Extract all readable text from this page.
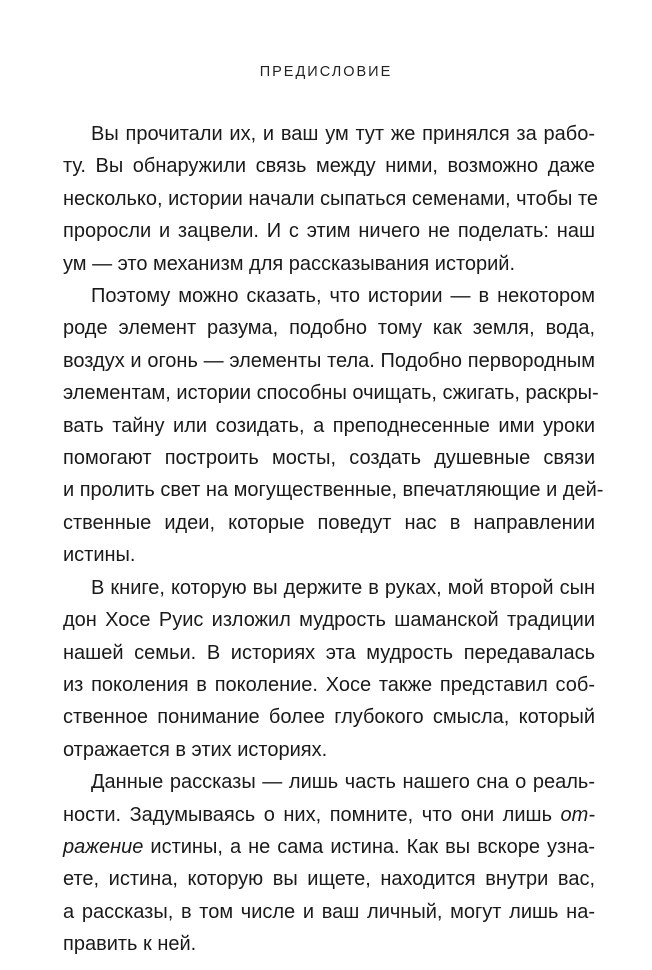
ПРЕДИСЛОВИЕ

Вы прочитали их, и ваш ум тут же принялся за рабо-
ту. Вы обнаружили связь между ними, возможно даже
несколько, истории начали сыпаться семенами, чтобы те
проросли и зацвели. И с этим ничего не поделать: наш
ум — это механизм для рассказывания историй.

Поэтому можно сказать, что истории — в некотором
роде элемент разума, подобно тому как земля, вода,
воздух и огонь — элементы тела. Подобно первородным
элементам, истории способны очищать, сжигать, раскры-
вать тайну или созидать, а преподнесенные ими уроки
помогают построить мосты, создать душевные связи
и пролить свет на могущественные, впечатляющие и дей-
ственные идеи, которые поведут нас в направлении
истины.

В книге, которую вы держите в руках, мой второй сын
дон Хосе Руис изложил мудрость шаманской традиции
нашей семьи. В историях эта мудрость передавалась
из поколения в поколение. Хосе также представил соб-
ственное понимание более глубокого смысла, который
отражается в этих историях.

Данные рассказы — лишь часть нашего сна о реаль-
ности. Задумываясь о них, помните, что они лишь от-
ражение истины, а не сама истина. Как вы вскоре узна-
ете, истина, которую вы ищете, находится внутри вас,
а рассказы, в том числе и ваш личный, могут лишь на-
править к ней.
